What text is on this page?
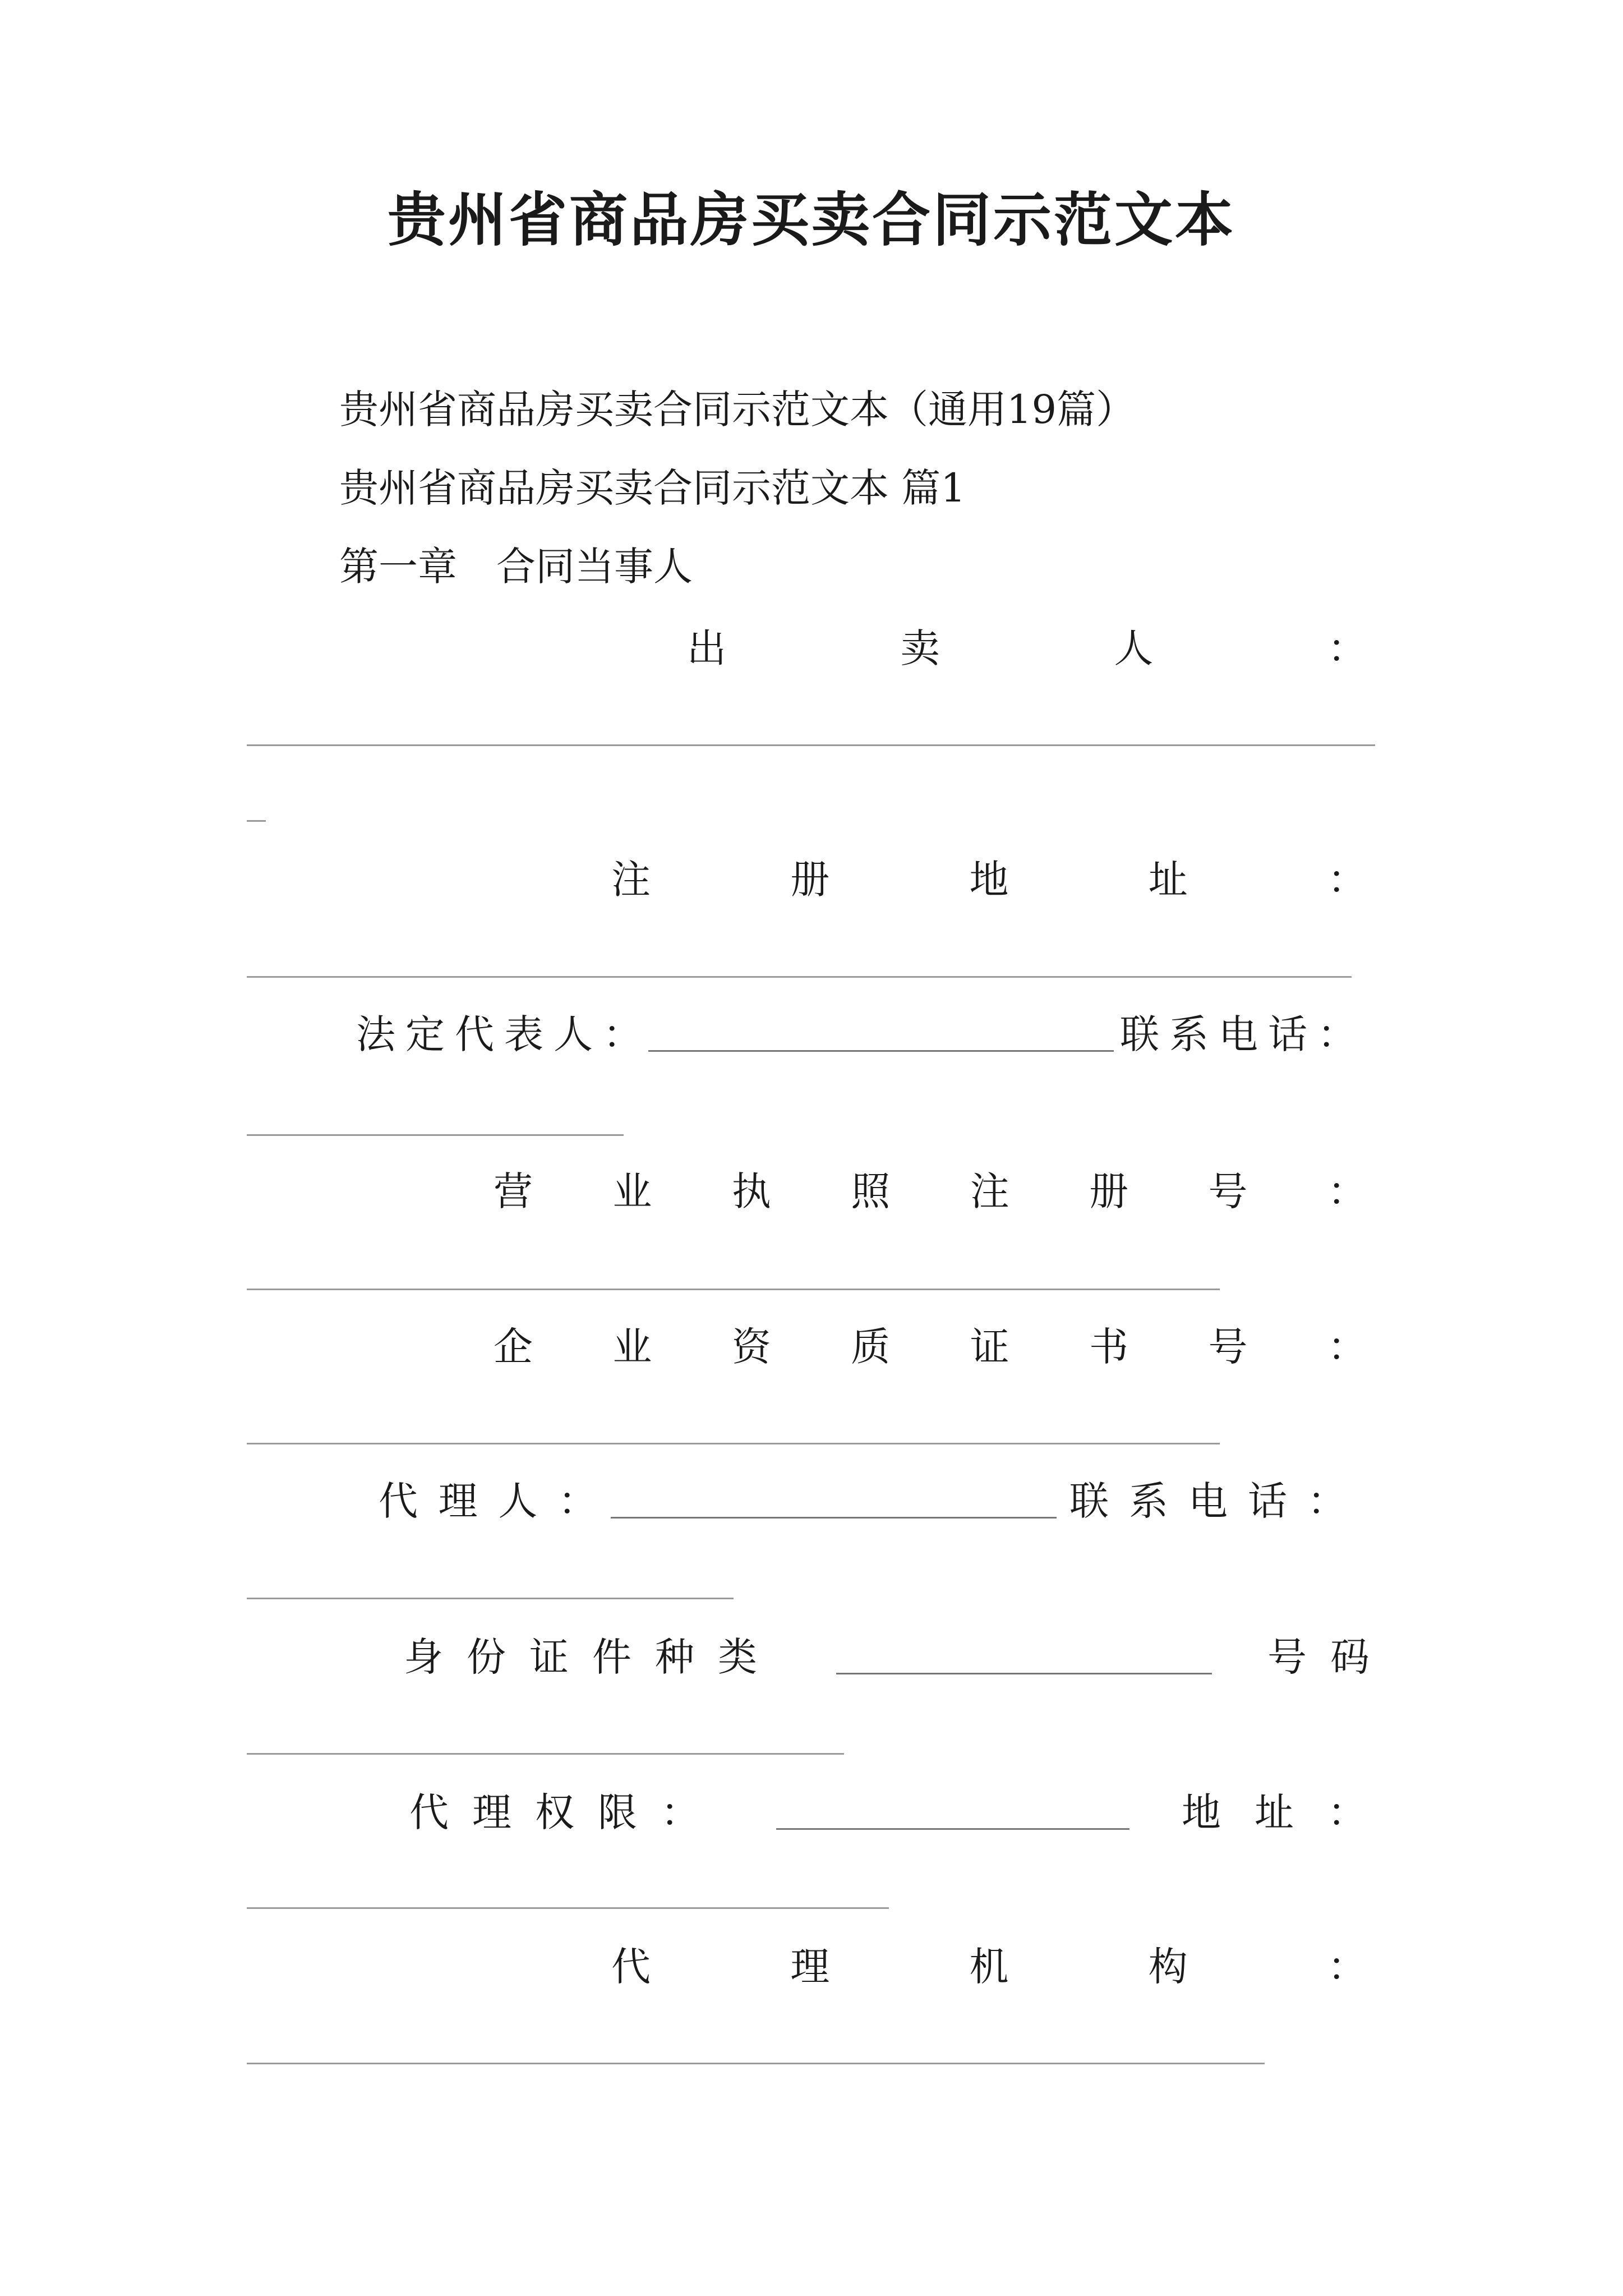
贵州省商品房买卖合同示范文本
贵州省商品房买卖合同示范文本（通用19篇）
贵州省商品房买卖合同示范文本 篇1
第一章　合同当事人
出	卖	人	：
注	册	地	址	：
法 定 代 表 人 ：	联系电话：
营 业 执 照 注 册 号 ：
企 业 资 质 证 书 号 ：
代 理 人 ：	联系电话：
身份证件种类	号码
代理权限：	地址：
代	理	机	构	：
